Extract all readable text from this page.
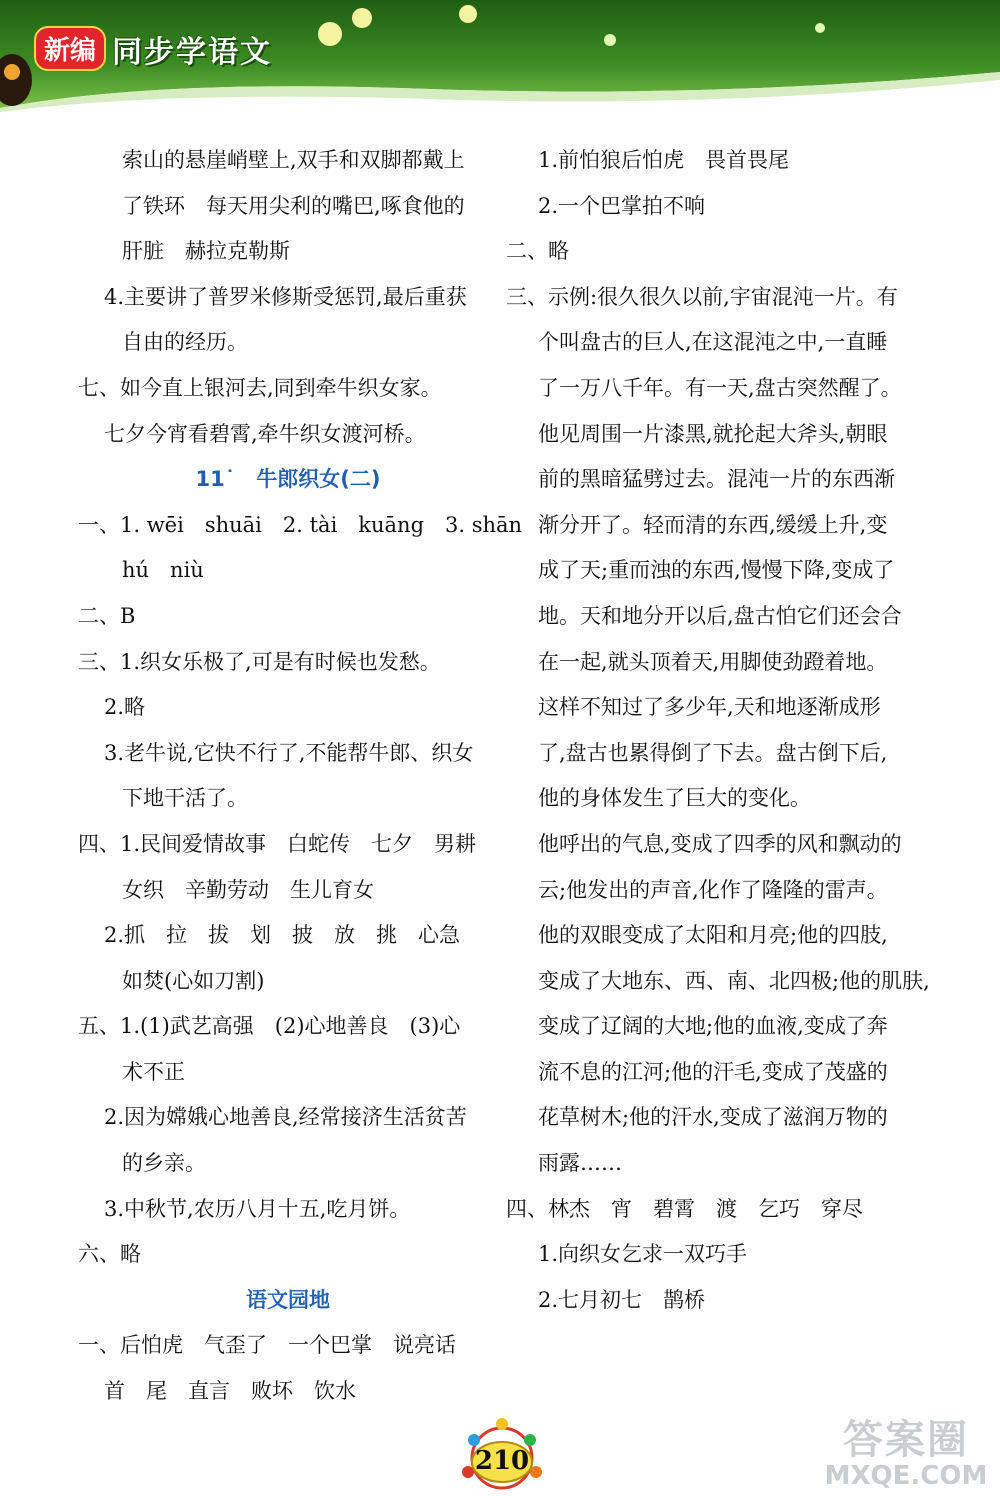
新编 同步学语文
索山的悬崖峭壁上,双手和双脚都戴上
了铁环　每天用尖利的嘴巴,啄食他的
肝脏　赫拉克勒斯
4.主要讲了普罗米修斯受惩罚,最后重获
自由的经历。
七、如今直上银河去,同到牵牛织女家。
七夕今宵看碧霄,牵牛织女渡河桥。
11˙　牛郎织女(二)
一、1. wēi　shuāi　2. tài　kuāng　3. shān
hú　niù
二、B
三、1.织女乐极了,可是有时候也发愁。
2.略
3.老牛说,它快不行了,不能帮牛郎、织女
下地干活了。
四、1.民间爱情故事　白蛇传　七夕　男耕
女织　辛勤劳动　生儿育女
2.抓　拉　拔　划　披　放　挑　心急
如焚(心如刀割)
五、1.(1)武艺高强　(2)心地善良　(3)心
术不正
2.因为嫦娥心地善良,经常接济生活贫苦
的乡亲。
3.中秋节,农历八月十五,吃月饼。
六、略
语文园地
一、后怕虎　气歪了　一个巴掌　说亮话
首　尾　直言　败坏　饮水
1.前怕狼后怕虎　畏首畏尾
2.一个巴掌拍不响
二、略
三、示例:很久很久以前,宇宙混沌一片。有
个叫盘古的巨人,在这混沌之中,一直睡
了一万八千年。有一天,盘古突然醒了。
他见周围一片漆黑,就抡起大斧头,朝眼
前的黑暗猛劈过去。混沌一片的东西渐
渐分开了。轻而清的东西,缓缓上升,变
成了天;重而浊的东西,慢慢下降,变成了
地。天和地分开以后,盘古怕它们还会合
在一起,就头顶着天,用脚使劲蹬着地。
这样不知过了多少年,天和地逐渐成形
了,盘古也累得倒了下去。盘古倒下后,
他的身体发生了巨大的变化。
他呼出的气息,变成了四季的风和飘动的
云;他发出的声音,化作了隆隆的雷声。
他的双眼变成了太阳和月亮;他的四肢,
变成了大地东、西、南、北四极;他的肌肤,
变成了辽阔的大地;他的血液,变成了奔
流不息的江河;他的汗毛,变成了茂盛的
花草树木;他的汗水,变成了滋润万物的
雨露……
四、林杰　宵　碧霄　渡　乞巧　穿尽
1.向织女乞求一双巧手
2.七月初七　鹊桥
210	答案圈
MXQE.COM
